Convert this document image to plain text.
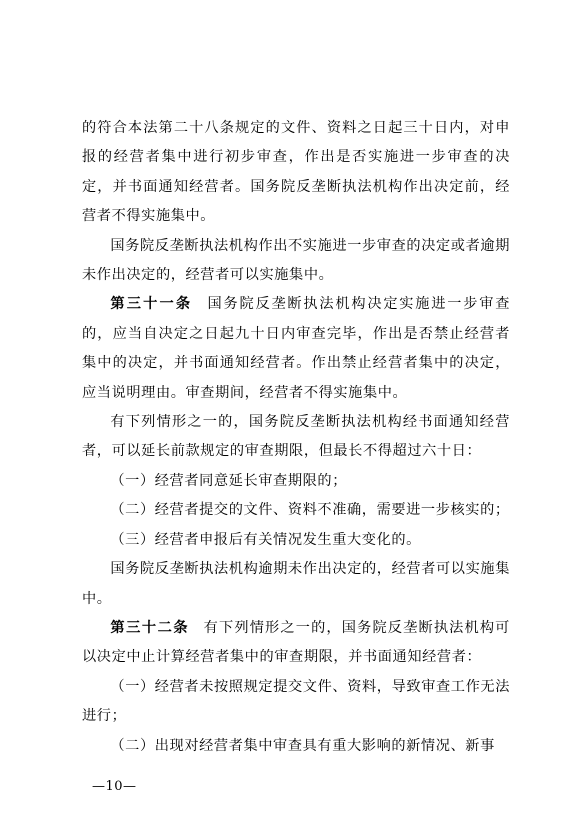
的符合本法第二十八条规定的文件、资料之日起三十日内，对申报的经营者集中进行初步审查，作出是否实施进一步审查的决定，并书面通知经营者。国务院反垄断执法机构作出决定前，经营者不得实施集中。

国务院反垄断执法机构作出不实施进一步审查的决定或者逾期未作出决定的，经营者可以实施集中。

第三十一条 国务院反垄断执法机构决定实施进一步审查的，应当自决定之日起九十日内审查完毕，作出是否禁止经营者集中的决定，并书面通知经营者。作出禁止经营者集中的决定，应当说明理由。审查期间，经营者不得实施集中。

有下列情形之一的，国务院反垄断执法机构经书面通知经营者，可以延长前款规定的审查期限，但最长不得超过六十日：

（一）经营者同意延长审查期限的；

（二）经营者提交的文件、资料不准确，需要进一步核实的；

（三）经营者申报后有关情况发生重大变化的。

国务院反垄断执法机构逾期未作出决定的，经营者可以实施集中。

第三十二条 有下列情形之一的，国务院反垄断执法机构可以决定中止计算经营者集中的审查期限，并书面通知经营者：

（一）经营者未按照规定提交文件、资料，导致审查工作无法进行；

（二）出现对经营者集中审查具有重大影响的新情况、新事

—10—
